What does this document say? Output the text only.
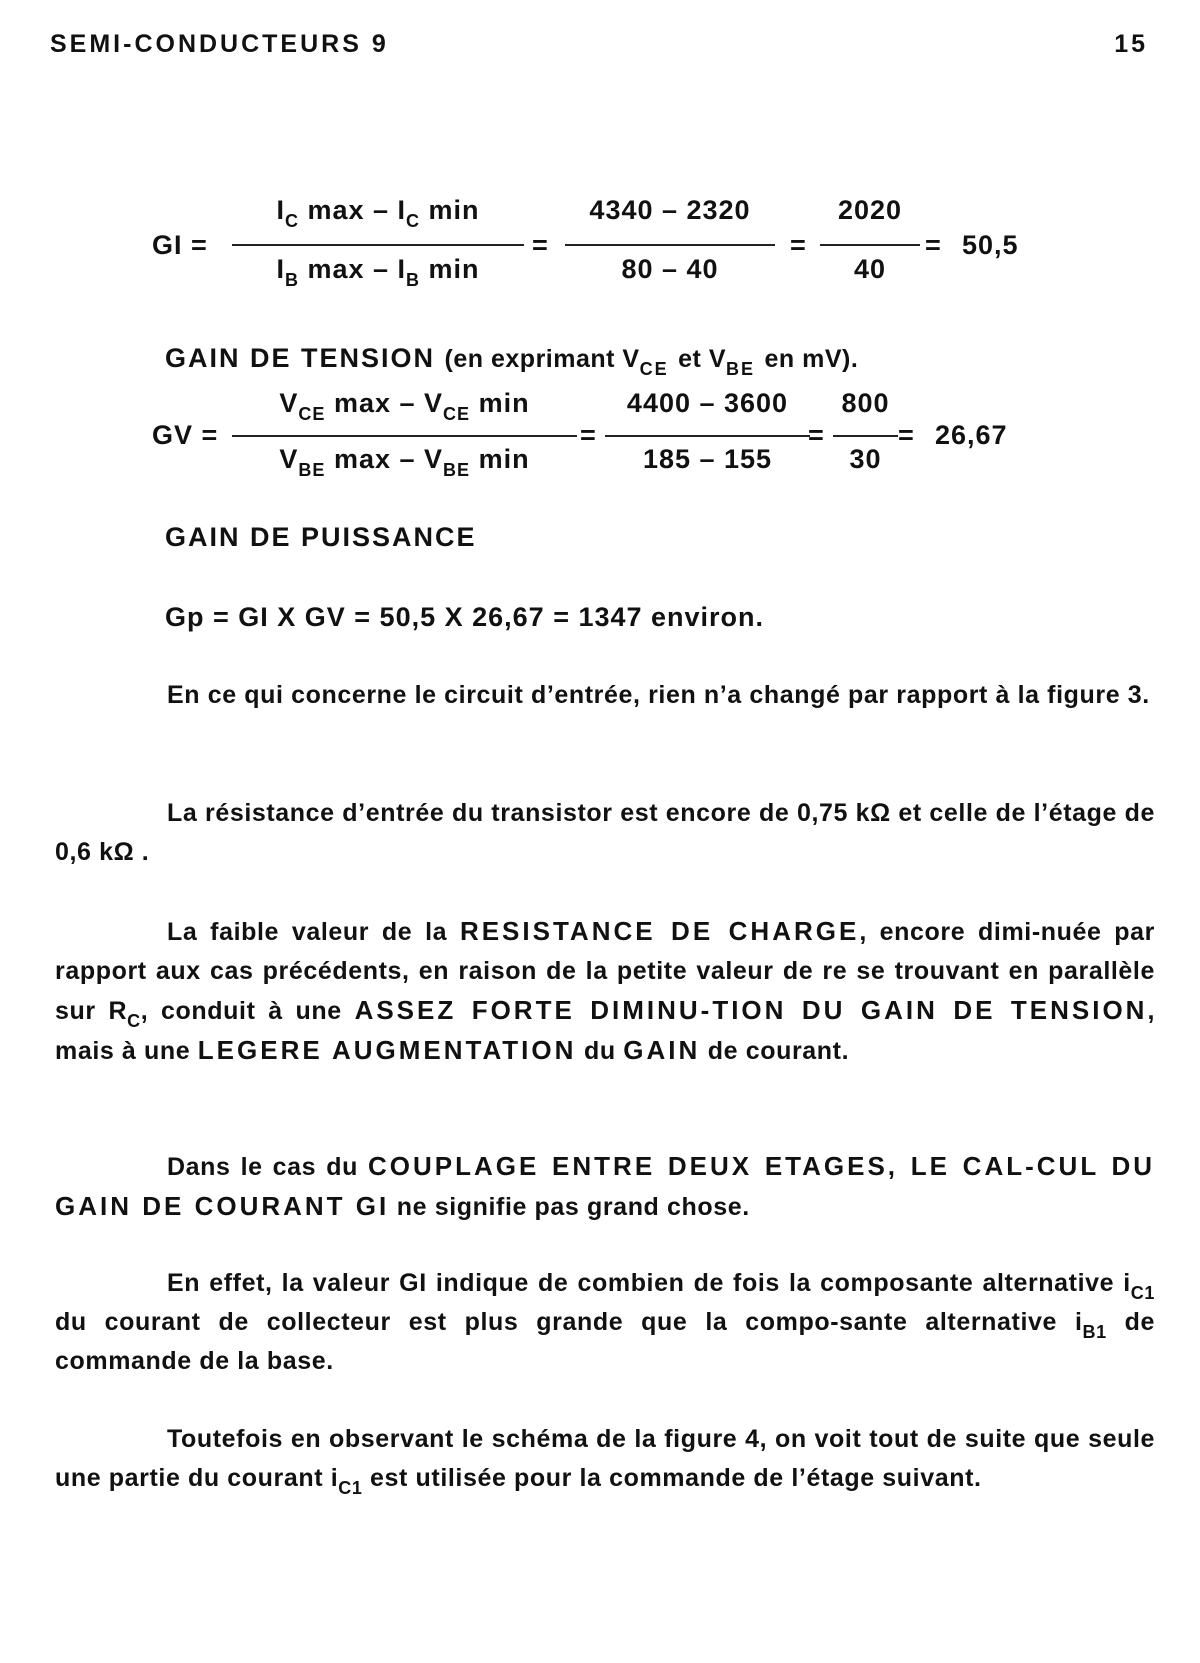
SEMI-CONDUCTEURS 9	15
GI =
$I_C$ max – $I_C$ min
$I_B$ max – $I_B$ min
=
4340 – 2320
80 – 40
=
2020
40
= 50,5
GAIN DE TENSION (en exprimant $V_{CE}$ et $V_{BE}$ en mV).
GV =
$V_{CE}$ max – $V_{CE}$ min
$V_{BE}$ max – $V_{BE}$ min
=
4400 – 3600
185 – 155
=
800
30
= 26,67
GAIN DE PUISSANCE
Gp = GI X GV = 50,5 X 26,67 = 1347 environ.
En ce qui concerne le circuit d’entrée, rien n’a changé par rapport à la figure 3.
La résistance d’entrée du transistor est encore de 0,75 kΩ et celle de l’étage de 0,6 kΩ .
La faible valeur de la RESISTANCE DE CHARGE, encore dimi-nuée par rapport aux cas précédents, en raison de la petite valeur de re se trouvant en parallèle sur $R_C$, conduit à une ASSEZ FORTE DIMINU-TION DU GAIN DE TENSION, mais à une LEGERE AUGMENTATION du GAIN de courant.
Dans le cas du COUPLAGE ENTRE DEUX ETAGES, LE CAL-CUL DU GAIN DE COURANT GI ne signifie pas grand chose.
En effet, la valeur GI indique de combien de fois la composante alternative $i_{C1}$ du courant de collecteur est plus grande que la compo-sante alternative $i_{B1}$ de commande de la base.
Toutefois en observant le schéma de la figure 4, on voit tout de suite que seule une partie du courant $i_{C1}$ est utilisée pour la commande de l’étage suivant.
